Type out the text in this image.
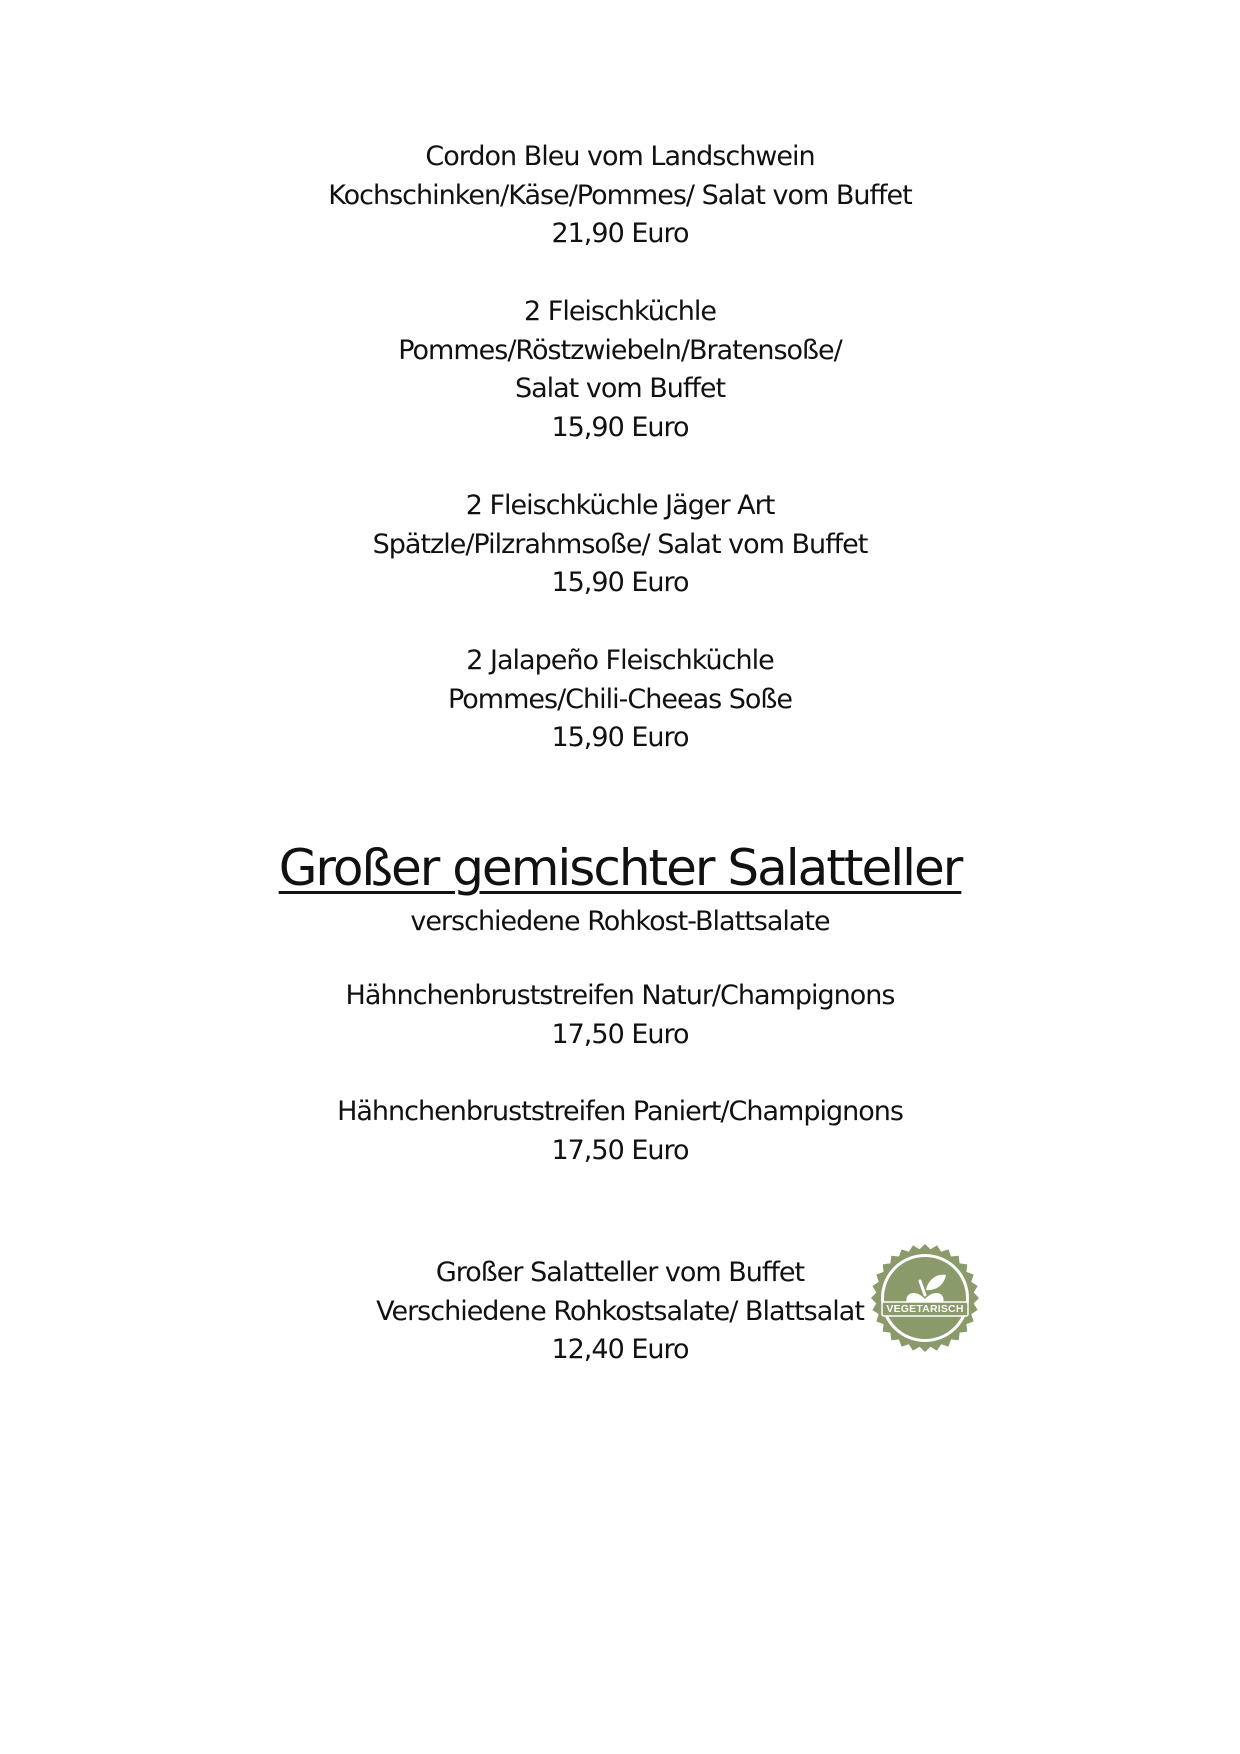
Cordon Bleu vom Landschwein
Kochschinken/Käse/Pommes/ Salat vom Buffet
21,90 Euro
2 Fleischküchle
Pommes/Röstzwiebeln/Bratensoße/
Salat vom Buffet
15,90 Euro
2 Fleischküchle Jäger Art
Spätzle/Pilzrahmsoße/ Salat vom Buffet
15,90 Euro
2 Jalapeño Fleischküchle
Pommes/Chili-Cheeas Soße
15,90 Euro
Großer gemischter Salatteller
verschiedene Rohkost-Blattsalate
Hähnchenbruststreifen Natur/Champignons
17,50 Euro
Hähnchenbruststreifen Paniert/Champignons
17,50 Euro
Großer Salatteller vom Buffet
Verschiedene Rohkostsalate/ Blattsalat
12,40 Euro
VEGETARISCH
